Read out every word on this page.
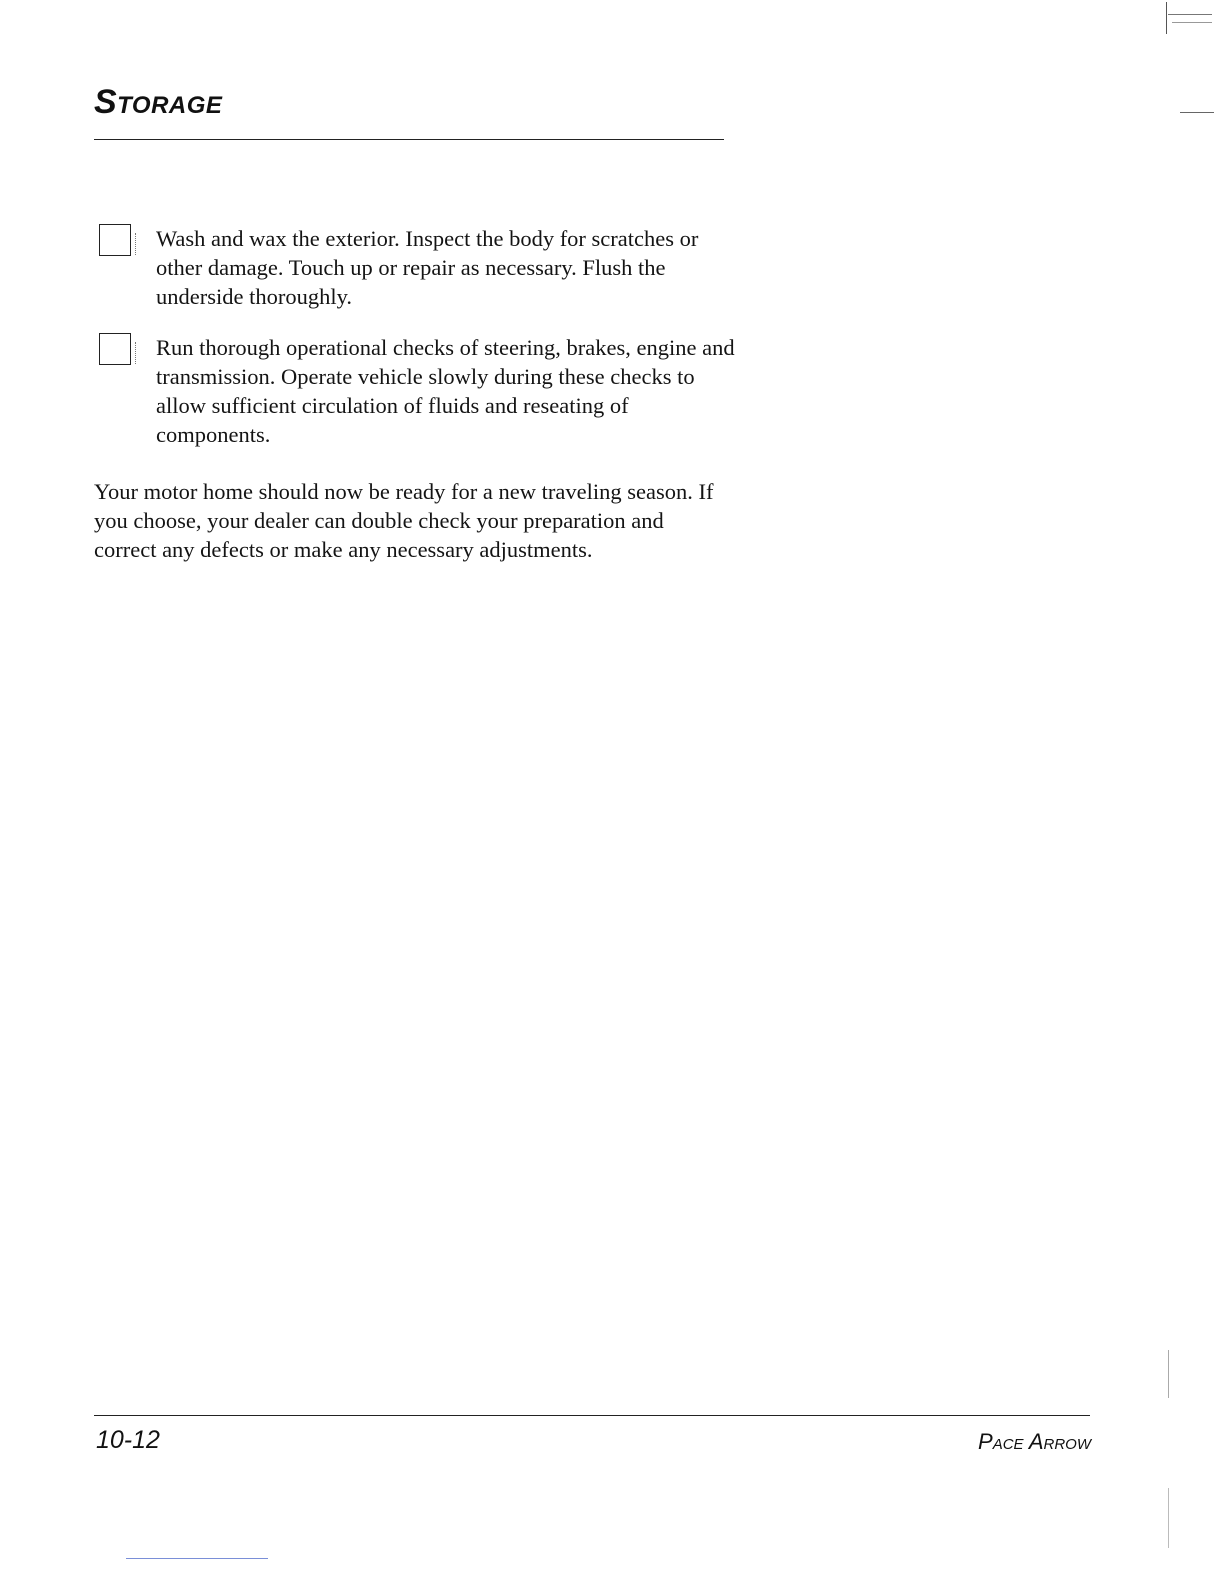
Storage

Wash and wax the exterior. Inspect the body for scratches or other damage. Touch up or repair as necessary. Flush the underside thoroughly.

Run thorough operational checks of steering, brakes, engine and transmission. Operate vehicle slowly during these checks to allow sufficient circulation of fluids and reseating of components.

Your motor home should now be ready for a new traveling season. If you choose, your dealer can double check your preparation and correct any defects or make any necessary adjustments.

10-12	Pace Arrow
